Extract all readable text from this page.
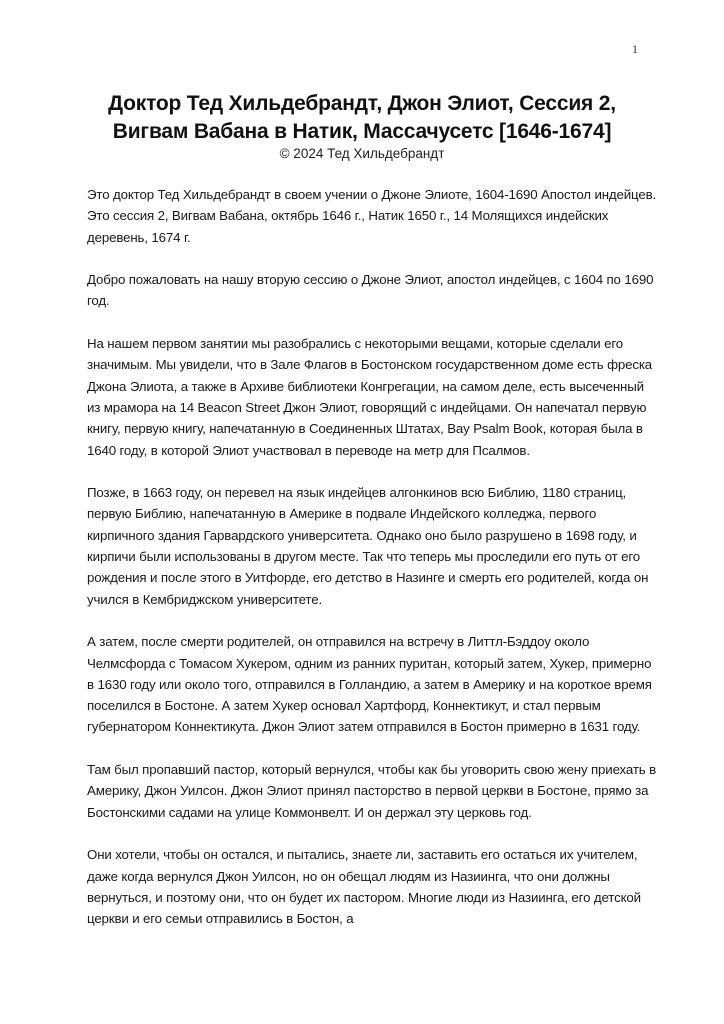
1
Доктор Тед Хильдебрандт, Джон Элиот, Сессия 2,
Вигвам Вабана в Натик, Массачусетс [1646-1674]
© 2024 Тед Хильдебрандт

Это доктор Тед Хильдебрандт в своем учении о Джоне Элиоте, 1604-1690 Апостол индейцев. Это сессия 2, Вигвам Вабана, октябрь 1646 г., Натик 1650 г., 14 Молящихся индейских деревень, 1674 г.

Добро пожаловать на нашу вторую сессию о Джоне Элиот, апостол индейцев, с 1604 по 1690 год.

На нашем первом занятии мы разобрались с некоторыми вещами, которые сделали его значимым. Мы увидели, что в Зале Флагов в Бостонском государственном доме есть фреска Джона Элиота, а также в Архиве библиотеки Конгрегации, на самом деле, есть высеченный из мрамора на 14 Beacon Street Джон Элиот, говорящий с индейцами. Он напечатал первую книгу, первую книгу, напечатанную в Соединенных Штатах, Bay Psalm Book, которая была в 1640 году, в которой Элиот участвовал в переводе на метр для Псалмов.

Позже, в 1663 году, он перевел на язык индейцев алгонкинов всю Библию, 1180 страниц, первую Библию, напечатанную в Америке в подвале Индейского колледжа, первого кирпичного здания Гарвардского университета. Однако оно было разрушено в 1698 году, и кирпичи были использованы в другом месте. Так что теперь мы проследили его путь от его рождения и после этого в Уитфорде, его детство в Назинге и смерть его родителей, когда он учился в Кембриджском университете.

А затем, после смерти родителей, он отправился на встречу в Литтл-Бэддоу около Челмсфорда с Томасом Хукером, одним из ранних пуритан, который затем, Хукер, примерно в 1630 году или около того, отправился в Голландию, а затем в Америку и на короткое время поселился в Бостоне. А затем Хукер основал Хартфорд, Коннектикут, и стал первым губернатором Коннектикута. Джон Элиот затем отправился в Бостон примерно в 1631 году.

Там был пропавший пастор, который вернулся, чтобы как бы уговорить свою жену приехать в Америку, Джон Уилсон. Джон Элиот принял пасторство в первой церкви в Бостоне, прямо за Бостонскими садами на улице Коммонвелт. И он держал эту церковь год.

Они хотели, чтобы он остался, и пытались, знаете ли, заставить его остаться их учителем, даже когда вернулся Джон Уилсон, но он обещал людям из Назиинга, что они должны вернуться, и поэтому они, что он будет их пастором. Многие люди из Назиинга, его детской церкви и его семьи отправились в Бостон, а
